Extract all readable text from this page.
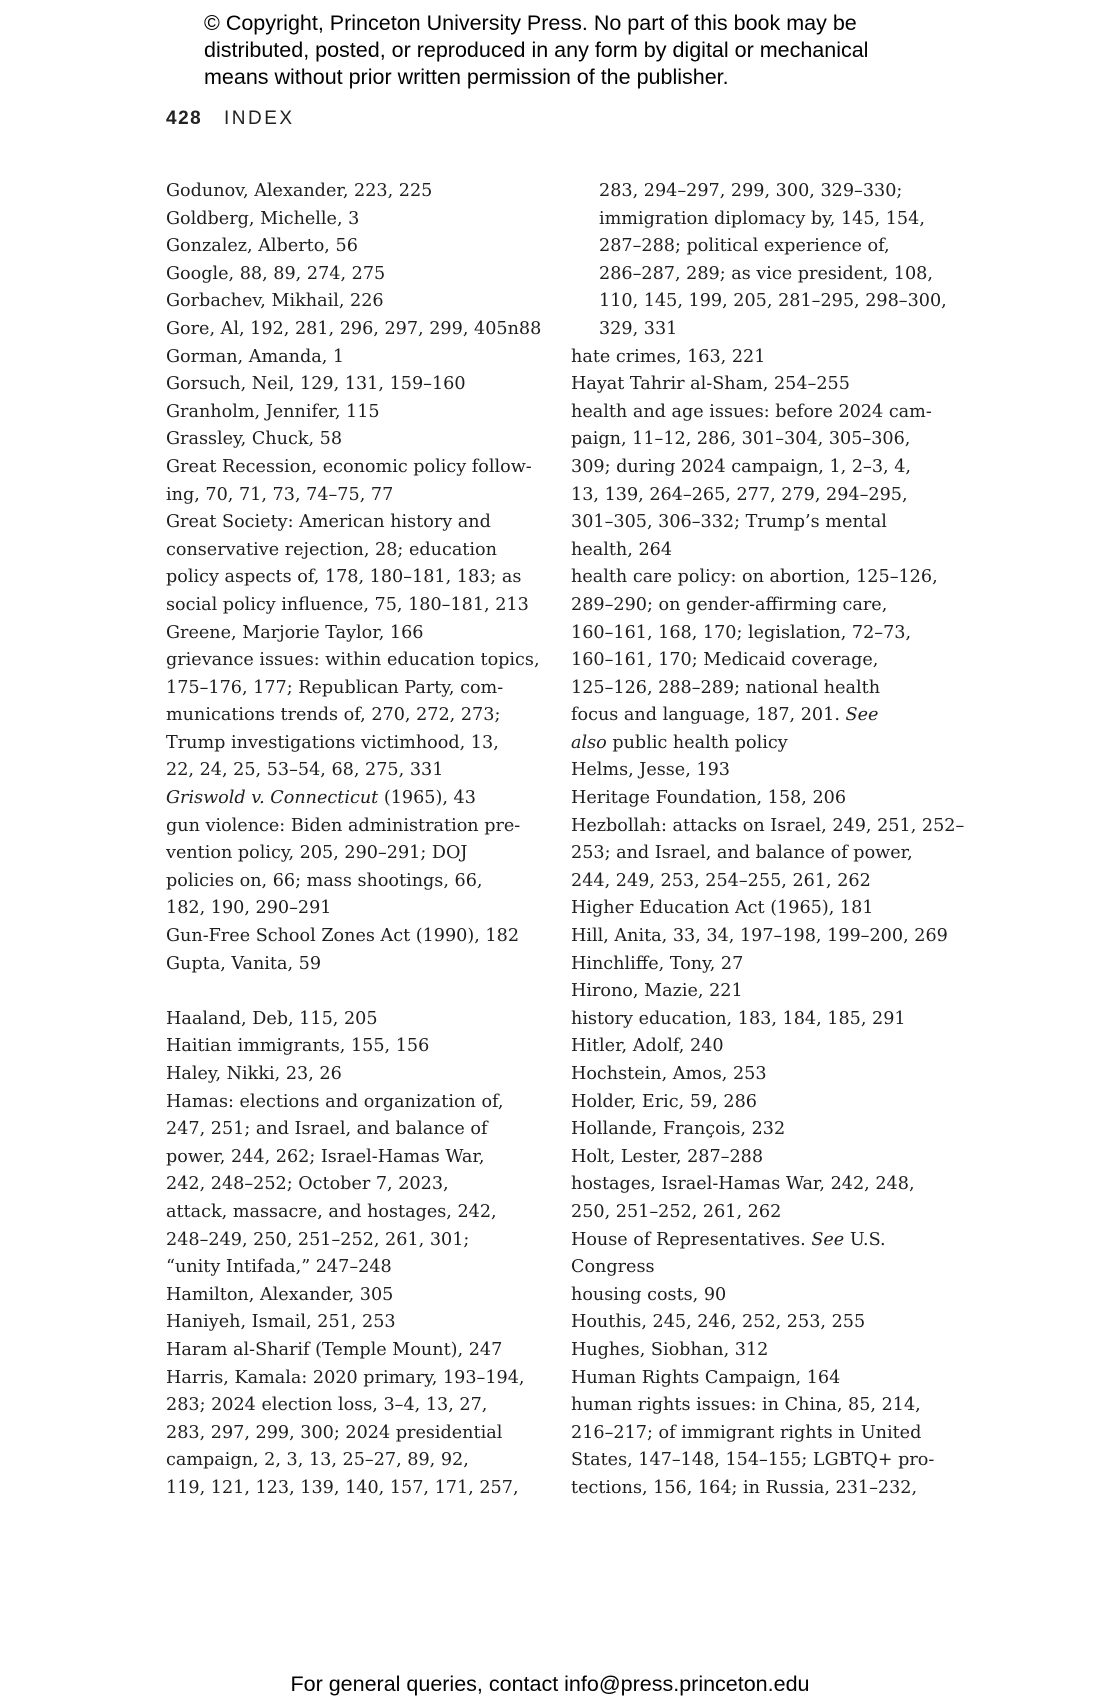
© Copyright, Princeton University Press. No part of this book may be
distributed, posted, or reproduced in any form by digital or mechanical
means without prior written permission of the publisher.
428 INDEX
Godunov, Alexander, 223, 225
Goldberg, Michelle, 3
Gonzalez, Alberto, 56
Google, 88, 89, 274, 275
Gorbachev, Mikhail, 226
Gore, Al, 192, 281, 296, 297, 299, 405n88
Gorman, Amanda, 1
Gorsuch, Neil, 129, 131, 159–160
Granholm, Jennifer, 115
Grassley, Chuck, 58
Great Recession, economic policy follow-
ing, 70, 71, 73, 74–75, 77
Great Society: American history and
conservative rejection, 28; education
policy aspects of, 178, 180–181, 183; as
social policy influence, 75, 180–181, 213
Greene, Marjorie Taylor, 166
grievance issues: within education topics,
175–176, 177; Republican Party, com-
munications trends of, 270, 272, 273;
Trump investigations victimhood, 13,
22, 24, 25, 53–54, 68, 275, 331
Griswold v. Connecticut (1965), 43
gun violence: Biden administration pre-
vention policy, 205, 290–291; DOJ
policies on, 66; mass shootings, 66,
182, 190, 290–291
Gun-Free School Zones Act (1990), 182
Gupta, Vanita, 59
Haaland, Deb, 115, 205
Haitian immigrants, 155, 156
Haley, Nikki, 23, 26
Hamas: elections and organization of,
247, 251; and Israel, and balance of
power, 244, 262; Israel-Hamas War,
242, 248–252; October 7, 2023,
attack, massacre, and hostages, 242,
248–249, 250, 251–252, 261, 301;
“unity Intifada,” 247–248
Hamilton, Alexander, 305
Haniyeh, Ismail, 251, 253
Haram al-Sharif (Temple Mount), 247
Harris, Kamala: 2020 primary, 193–194,
283; 2024 election loss, 3–4, 13, 27,
283, 297, 299, 300; 2024 presidential
campaign, 2, 3, 13, 25–27, 89, 92,
119, 121, 123, 139, 140, 157, 171, 257,
283, 294–297, 299, 300, 329–330;
immigration diplomacy by, 145, 154,
287–288; political experience of,
286–287, 289; as vice president, 108,
110, 145, 199, 205, 281–295, 298–300,
329, 331
hate crimes, 163, 221
Hayat Tahrir al-Sham, 254–255
health and age issues: before 2024 cam-
paign, 11–12, 286, 301–304, 305–306,
309; during 2024 campaign, 1, 2–3, 4,
13, 139, 264–265, 277, 279, 294–295,
301–305, 306–332; Trump’s mental
health, 264
health care policy: on abortion, 125–126,
289–290; on gender-affirming care,
160–161, 168, 170; legislation, 72–73,
160–161, 170; Medicaid coverage,
125–126, 288–289; national health
focus and language, 187, 201. See
also public health policy
Helms, Jesse, 193
Heritage Foundation, 158, 206
Hezbollah: attacks on Israel, 249, 251, 252–
253; and Israel, and balance of power,
244, 249, 253, 254–255, 261, 262
Higher Education Act (1965), 181
Hill, Anita, 33, 34, 197–198, 199–200, 269
Hinchliffe, Tony, 27
Hirono, Mazie, 221
history education, 183, 184, 185, 291
Hitler, Adolf, 240
Hochstein, Amos, 253
Holder, Eric, 59, 286
Hollande, François, 232
Holt, Lester, 287–288
hostages, Israel-Hamas War, 242, 248,
250, 251–252, 261, 262
House of Representatives. See U.S.
Congress
housing costs, 90
Houthis, 245, 246, 252, 253, 255
Hughes, Siobhan, 312
Human Rights Campaign, 164
human rights issues: in China, 85, 214,
216–217; of immigrant rights in United
States, 147–148, 154–155; LGBTQ+ pro-
tections, 156, 164; in Russia, 231–232,
For general queries, contact info@press.princeton.edu
